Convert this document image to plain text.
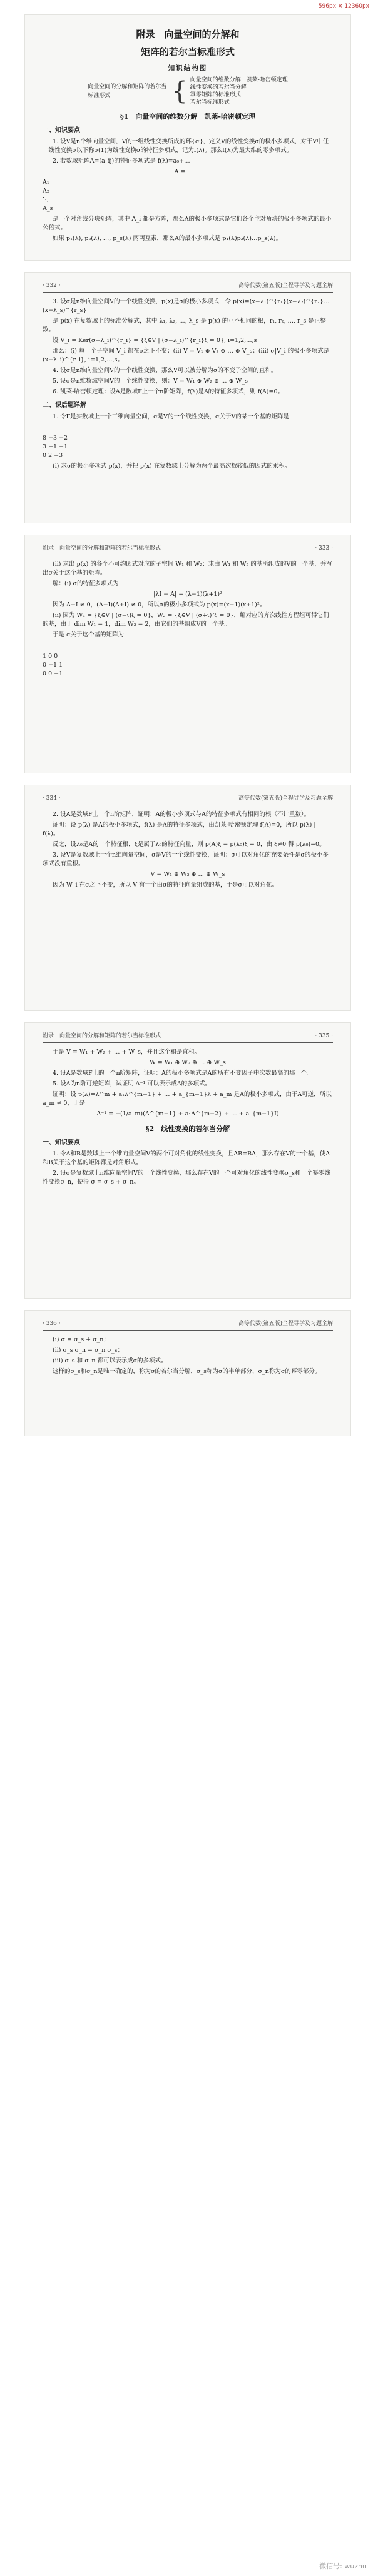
596px × 12360px
附录　向量空间的分解和
矩阵的若尔当标准形式
知识结构图
向量空间的分解和矩阵的若尔当标准形式	{ 向量空间的维数分解　凯莱-哈密顿定理
线性变换的若尔当分解
幂零矩阵的标准形式
若尔当标准形式
§1　向量空间的维数分解　凯莱-哈密顿定理
一、知识要点

1. 设V是n个维向量空间，V的一组线性变换所成的环{σ}，定义V的线性变换σ的极小多项式，对于V中任一线性变换σ以下称σ(1)为线性变换σ的特征多项式，记为f(λ)。那么f(λ)为最大维的零多项式。

2. 若数域矩阵A=(a_ij)的特征多项式是 f(λ)=a₀+…

A =

A₁
A₂
⋱
A_s

是一个对角线分块矩阵，其中 A_i 都是方阵，那么A的极小多项式是它们各个主对角块的极小多项式的最小公倍式。

如果 p₁(λ), p₂(λ), …, p_s(λ) 两两互素，那么A的最小多项式是 p₁(λ)p₂(λ)…p_s(λ)。

· 332 ·	高等代数(第五版)全程导学及习题全解

3. 设σ是n维向量空间V的一个线性变换，p(x)是σ的极小多项式，令 p(x)=(x−λ₁)^{r₁}(x−λ₂)^{r₂}…(x−λ_s)^{r_s}

是 p(x) 在复数域上的标准分解式，其中 λ₁, λ₂, …, λ_s 是 p(x) 的互不相同的根，r₁, r₂, …, r_s 是正整数。

设 V_i = Ker(σ−λ_i)^{r_i} = {ξ∈V | (σ−λ_i)^{r_i}ξ = 0}, i=1,2,…,s

那么：(i) 每一个子空间 V_i 都在σ之下不变；(ii) V = V₁ ⊕ V₂ ⊕ … ⊕ V_s；(iii) σ|V_i 的极小多项式是 (x−λ_i)^{r_i}, i=1,2,…,s。

4. 设σ是n维向量空间V的一个线性变换，那么V可以被分解为σ的不变子空间的直和。

5. 设σ是n维数域空间V的一个线性变换，则：V = W₁ ⊕ W₂ ⊕ … ⊕ W_s

6. 凯莱-哈密顿定理：设A是数域F上一个n阶矩阵，f(λ)是A的特征多项式，则 f(A)=0。

二、课后题详解

1. 令F是实数域上一个三维向量空间，σ是V的一个线性变换，σ关于V的某一个基的矩阵是

8 −3 −2
3 −1 −1
0 2 −3

(i) 求σ的极小多项式 p(x)，并把 p(x) 在复数域上分解为两个最高次数较低的因式的乘积。

附录　向量空间的分解和矩阵的若尔当标准形式	· 333 ·

(ii) 求出 p(x) 的各个不可约因式对应的子空间 W₁ 和 W₂；求由 W₁ 和 W₂ 的基所组成的V的一个基，并写出σ关于这个基的矩阵。

解：(i) σ的特征多项式为

|λI − A| = (λ−1)(λ+1)²

因为 A−I ≠ 0，(A−I)(A+I) ≠ 0，所以σ的极小多项式为 p(x)=(x−1)(x+1)²。

(ii) 因为 W₁ = {ξ∈V | (σ−ι)ξ = 0}，W₂ = {ξ∈V | (σ+ι)²ξ = 0}，解对应的齐次线性方程组可得它们的基，由于 dim W₁ = 1，dim W₂ = 2，由它们的基组成V的一个基。

于是 σ关于这个基的矩阵为

1 0 0
0 −1 1
0 0 −1

· 334 ·	高等代数(第五版)全程导学及习题全解

2. 设A是数域F上一个n阶矩阵，证明：A的极小多项式与A的特征多项式有相同的根（不计重数）。

证明：设 p(λ) 是A的极小多项式，f(λ) 是A的特征多项式，由凯莱-哈密顿定理 f(A)=0，所以 p(λ) | f(λ)。

反之，设λ₀是A的一个特征根，ξ是属于λ₀的特征向量，则 p(A)ξ = p(λ₀)ξ = 0，由 ξ≠0 得 p(λ₀)=0。

3. 设V是复数域上一个n维向量空间，σ是V的一个线性变换，证明：σ可以对角化的充要条件是σ的极小多项式没有重根。

V = W₁ ⊕ W₂ ⊕ … ⊕ W_s

因为 W_i 在σ之下不变，所以 V 有一个由σ的特征向量组成的基，于是σ可以对角化。

附录　向量空间的分解和矩阵的若尔当标准形式	· 335 ·

于是 V = W₁ + W₂ + … + W_s，并且这个和是直和。

W = W₁ ⊕ W₂ ⊕ … ⊕ W_s

4. 设A是数域F上的一个n阶矩阵，证明：A的极小多项式是A的所有不变因子中次数最高的那一个。

5. 设A为n阶可逆矩阵，试证明 A⁻¹ 可以表示成A的多项式。

证明：设 p(λ)=λ^m + a₁λ^{m−1} + … + a_{m−1}λ + a_m 是A的极小多项式，由于A可逆，所以 a_m ≠ 0，于是

A⁻¹ = −(1/a_m)(A^{m−1} + a₁A^{m−2} + … + a_{m−1}I)

§2　线性变换的若尔当分解
一、知识要点

1. 令A和B是数域上一个维向量空间V的两个可对角化的线性变换，且AB=BA，那么存在V的一个基，使A和B关于这个基的矩阵都是对角形式。

2. 设σ是复数域上n维向量空间V的一个线性变换，那么存在V的一个可对角化的线性变换σ_s和一个幂零线性变换σ_n，使得 σ = σ_s + σ_n。

· 336 ·	高等代数(第五版)全程导学及习题全解

(i) σ = σ_s + σ_n；

(ii) σ_s σ_n = σ_n σ_s；

(iii) σ_s 和 σ_n 都可以表示成σ的多项式。

这样的σ_s和σ_n是唯一确定的，称为σ的若尔当分解，σ_s称为σ的半单部分，σ_n称为σ的幂零部分。

微信号: wuzhu
